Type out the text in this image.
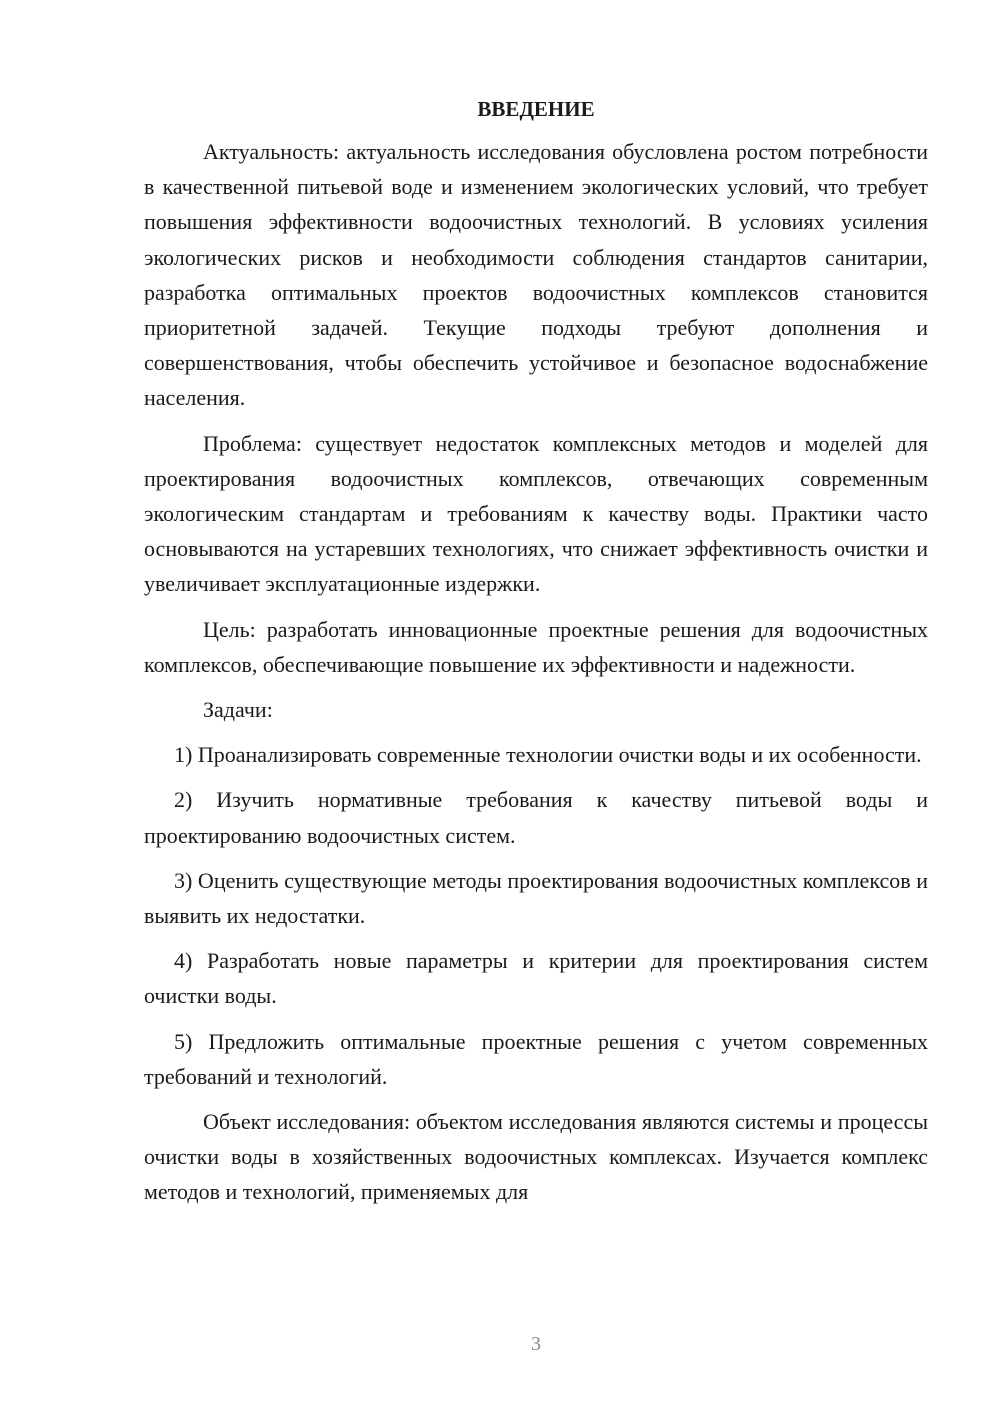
ВВЕДЕНИЕ

Актуальность: актуальность исследования обусловлена ростом потребности в качественной питьевой воде и изменением экологических условий, что требует повышения эффективности водоочистных технологий. В условиях усиления экологических рисков и необходимости соблюдения стандартов санитарии, разработка оптимальных проектов водоочистных комплексов становится приоритетной задачей. Текущие подходы требуют дополнения и совершенствования, чтобы обеспечить устойчивое и безопасное водоснабжение населения.

Проблема: существует недостаток комплексных методов и моделей для проектирования водоочистных комплексов, отвечающих современным экологическим стандартам и требованиям к качеству воды. Практики часто основываются на устаревших технологиях, что снижает эффективность очистки и увеличивает эксплуатационные издержки.

Цель: разработать инновационные проектные решения для водоочистных комплексов, обеспечивающие повышение их эффективности и надежности.

Задачи:

1) Проанализировать современные технологии очистки воды и их особенности.

2) Изучить нормативные требования к качеству питьевой воды и проектированию водоочистных систем.

3) Оценить существующие методы проектирования водоочистных комплексов и выявить их недостатки.

4) Разработать новые параметры и критерии для проектирования систем очистки воды.

5) Предложить оптимальные проектные решения с учетом современных требований и технологий.

Объект исследования: объектом исследования являются системы и процессы очистки воды в хозяйственных водоочистных комплексах. Изучается комплекс методов и технологий, применяемых для

3
